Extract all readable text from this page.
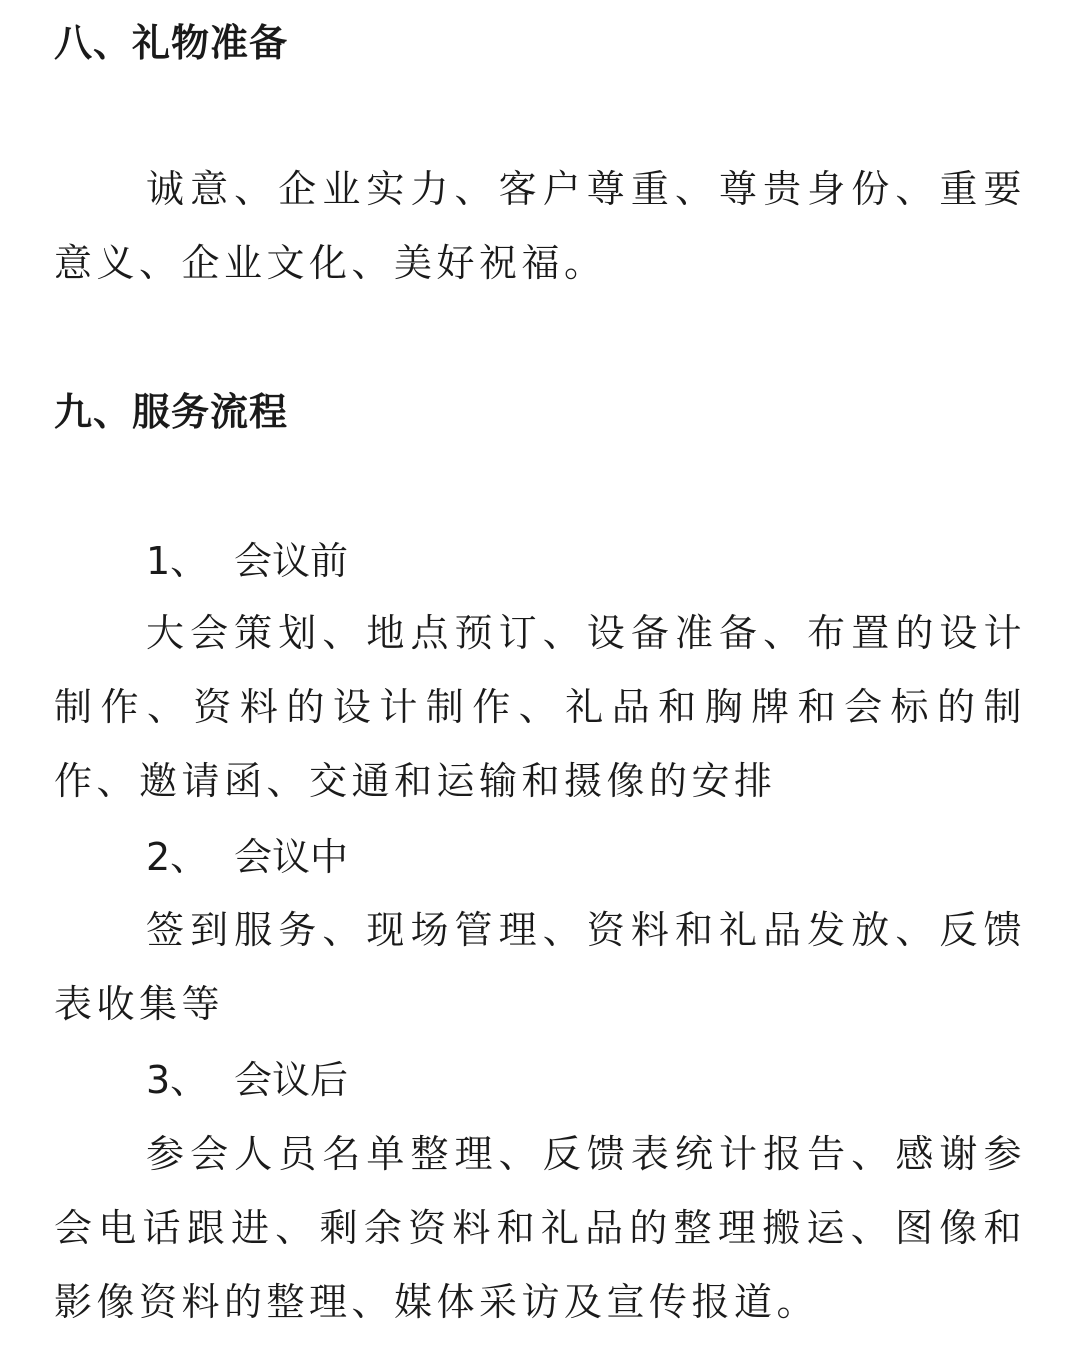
八、礼物准备
诚意、企业实力、客户尊重、尊贵身份、重要意义、企业文化、美好祝福。
九、服务流程
1、 会议前
大会策划、地点预订、设备准备、布置的设计制作、资料的设计制作、礼品和胸牌和会标的制作、邀请函、交通和运输和摄像的安排
2、 会议中
签到服务、现场管理、资料和礼品发放、反馈表收集等
3、 会议后
参会人员名单整理、反馈表统计报告、感谢参会电话跟进、剩余资料和礼品的整理搬运、图像和影像资料的整理、媒体采访及宣传报道。
